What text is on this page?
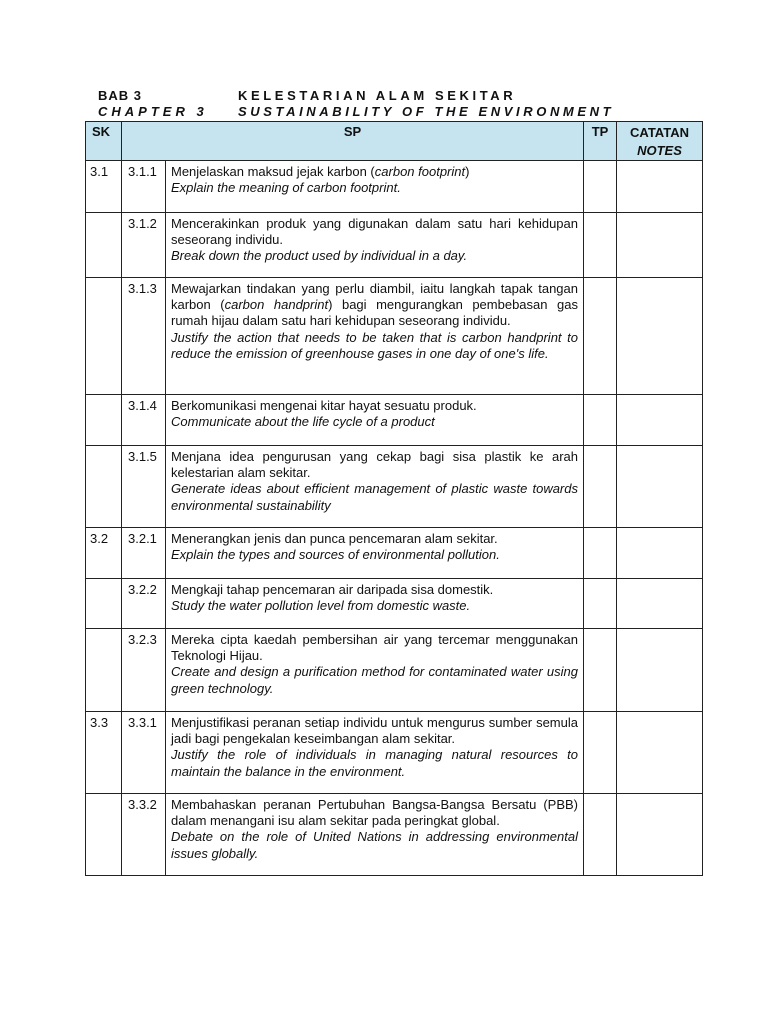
BAB 3	KELESTARIAN ALAM SEKITAR
CHAPTER 3 SUSTAINABILITY OF THE ENVIRONMENT
SK	SP		TP	CATATAN
NOTES

3.1	3.1.1	Menjelaskan maksud jejak karbon (carbon footprint)
Explain the meaning of carbon footprint.		

	3.1.2	Mencerakinkan produk yang digunakan dalam satu hari kehidupan seseorang individu.
Break down the product used by individual in a day.		

	3.1.3	Mewajarkan tindakan yang perlu diambil, iaitu langkah tapak tangan karbon (carbon handprint) bagi mengurangkan pembebasan gas rumah hijau dalam satu hari kehidupan seseorang individu.
Justify the action that needs to be taken that is carbon handprint to reduce the emission of greenhouse gases in one day of one's life.		

	3.1.4	Berkomunikasi mengenai kitar hayat sesuatu produk.
Communicate about the life cycle of a product		

	3.1.5	Menjana idea pengurusan yang cekap bagi sisa plastik ke arah kelestarian alam sekitar.
Generate ideas about efficient management of plastic waste towards environmental sustainability		

3.2	3.2.1	Menerangkan jenis dan punca pencemaran alam sekitar.
Explain the types and sources of environmental pollution.		

	3.2.2	Mengkaji tahap pencemaran air daripada sisa domestik.
Study the water pollution level from domestic waste.		

	3.2.3	Mereka cipta kaedah pembersihan air yang tercemar menggunakan Teknologi Hijau.
Create and design a purification method for contaminated water using green technology.		

3.3	3.3.1	Menjustifikasi peranan setiap individu untuk mengurus sumber semula jadi bagi pengekalan keseimbangan alam sekitar.
Justify the role of individuals in managing natural resources to maintain the balance in the environment.		

	3.3.2	Membahaskan peranan Pertubuhan Bangsa-Bangsa Bersatu (PBB) dalam menangani isu alam sekitar pada peringkat global.
Debate on the role of United Nations in addressing environmental issues globally.		
